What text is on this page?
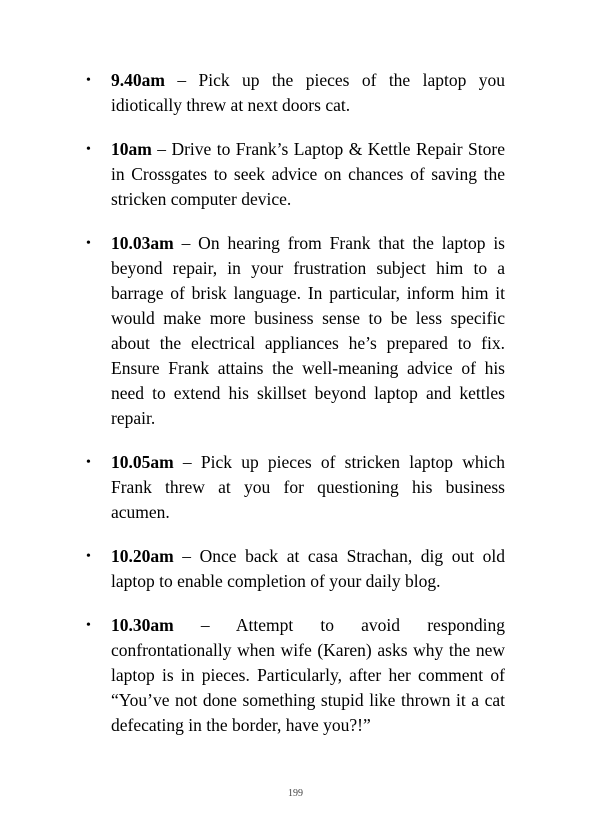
• 9.40am – Pick up the pieces of the laptop you idiotically threw at next doors cat.
• 10am – Drive to Frank’s Laptop & Kettle Repair Store in Crossgates to seek advice on chances of saving the stricken computer device.
• 10.03am – On hearing from Frank that the laptop is beyond repair, in your frustration subject him to a barrage of brisk language. In particular, inform him it would make more business sense to be less specific about the electrical appliances he’s prepared to fix. Ensure Frank attains the well-meaning advice of his need to extend his skillset beyond laptop and kettles repair.
• 10.05am – Pick up pieces of stricken laptop which Frank threw at you for questioning his business acumen.
• 10.20am – Once back at casa Strachan, dig out old laptop to enable completion of your daily blog.
• 10.30am – Attempt to avoid responding confrontationally when wife (Karen) asks why the new laptop is in pieces. Particularly, after her comment of “You’ve not done something stupid like thrown it a cat defecating in the border, have you?!”
199
